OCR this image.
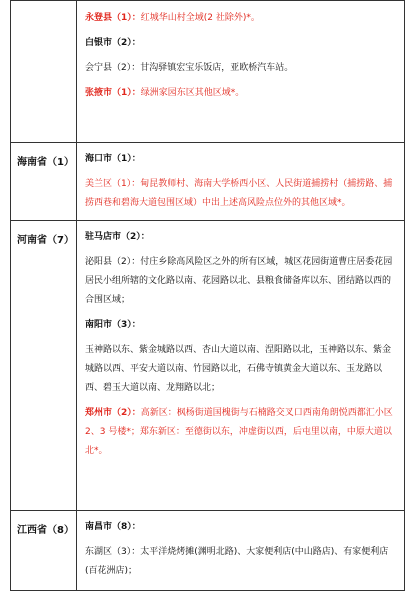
	永登县（1）：红城华山村全域(2 社除外)*。

白银市（2）：

会宁县（2）：甘沟驿镇宏宝乐饭店，亚欧桥汽车站。

张掖市（1）：绿洲家园东区其他区域*。

海南省（1）	海口市（1）：

美兰区（1）：甸昆教师村、海南大学桥西小区、人民街道捕捞村（捕捞路、捕捞西巷和碧海大道包围区域）中出上述高风险点位外的其他区域*。

河南省（7）	驻马店市（2）：

泌阳县（2）：付庄乡除高风险区之外的所有区域，城区花园街道曹庄居委花园居民小组所辖的文化路以南、花园路以北、县粮食储备库以东、团结路以西的合围区域；

南阳市（3）：

玉神路以东、紫金城路以西、杏山大道以南、涅阳路以北，玉神路以东、紫金城路以西、平安大道以南、竹园路以北，石佛寺镇黄金大道以东、玉龙路以西、碧玉大道以南、龙翔路以北；

郑州市（2）：高新区：枫杨街道国槐街与石楠路交叉口西南角朗悦西都汇小区 2、3 号楼*；郑东新区：至德街以东，冲虚街以西，后屯里以南，中原大道以北*。

江西省（8）	南昌市（8）：

东湖区（3）：太平洋烧烤摊(渊明北路)、大家便利店(中山路店)、有家便利店(百花洲店)；
